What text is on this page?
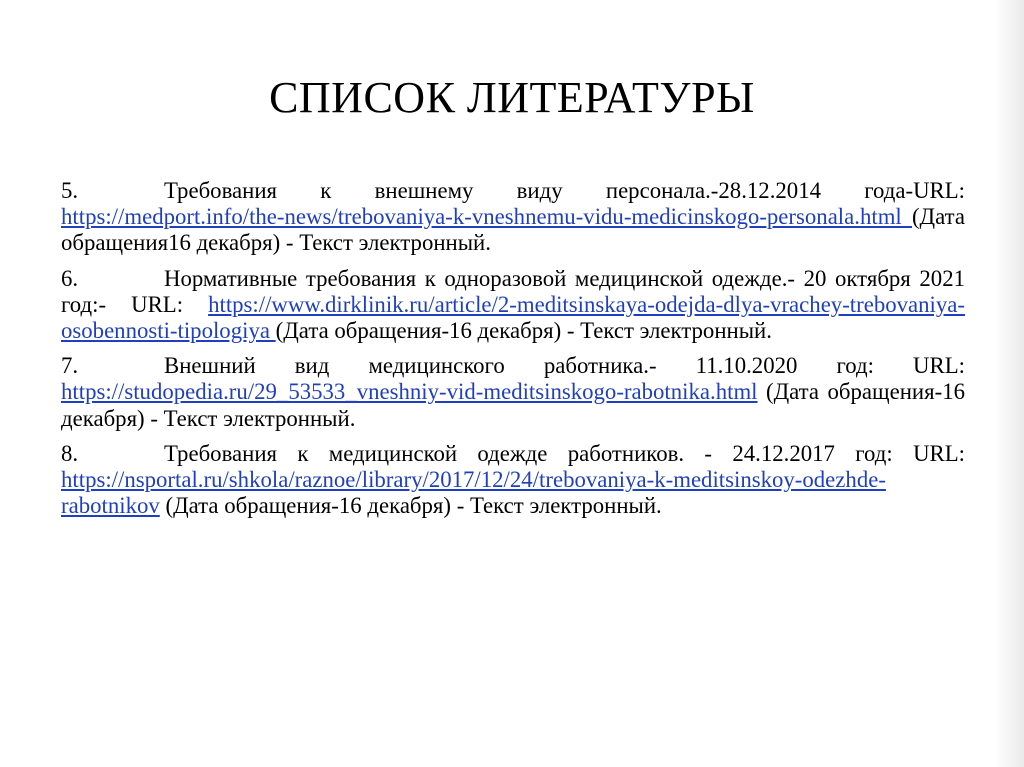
СПИСОК ЛИТЕРАТУРЫ

5.	Требования к внешнему виду персонала.-28.12.2014 года-URL: https://medport.info/the-news/trebovaniya-k-vneshnemu-vidu-medicinskogo-personala.html (Дата обращения16 декабря) - Текст электронный.

6.	Нормативные требования к одноразовой медицинской одежде.- 20 октября 2021 год:- URL: https://www.dirklinik.ru/article/2-meditsinskaya-odejda-dlya-vrachey-trebovaniya-osobennosti-tipologiya (Дата обращения-16 декабря) - Текст электронный.

7.	Внешний вид медицинского работника.- 11.10.2020 год: URL: https://studopedia.ru/29_53533_vneshniy-vid-meditsinskogo-rabotnika.html (Дата обращения-16 декабря) - Текст электронный.

8.	Требования к медицинской одежде работников. - 24.12.2017 год: URL: https://nsportal.ru/shkola/raznoe/library/2017/12/24/trebovaniya-k-meditsinskoy-odezhde-rabotnikov (Дата обращения-16 декабря) - Текст электронный.
